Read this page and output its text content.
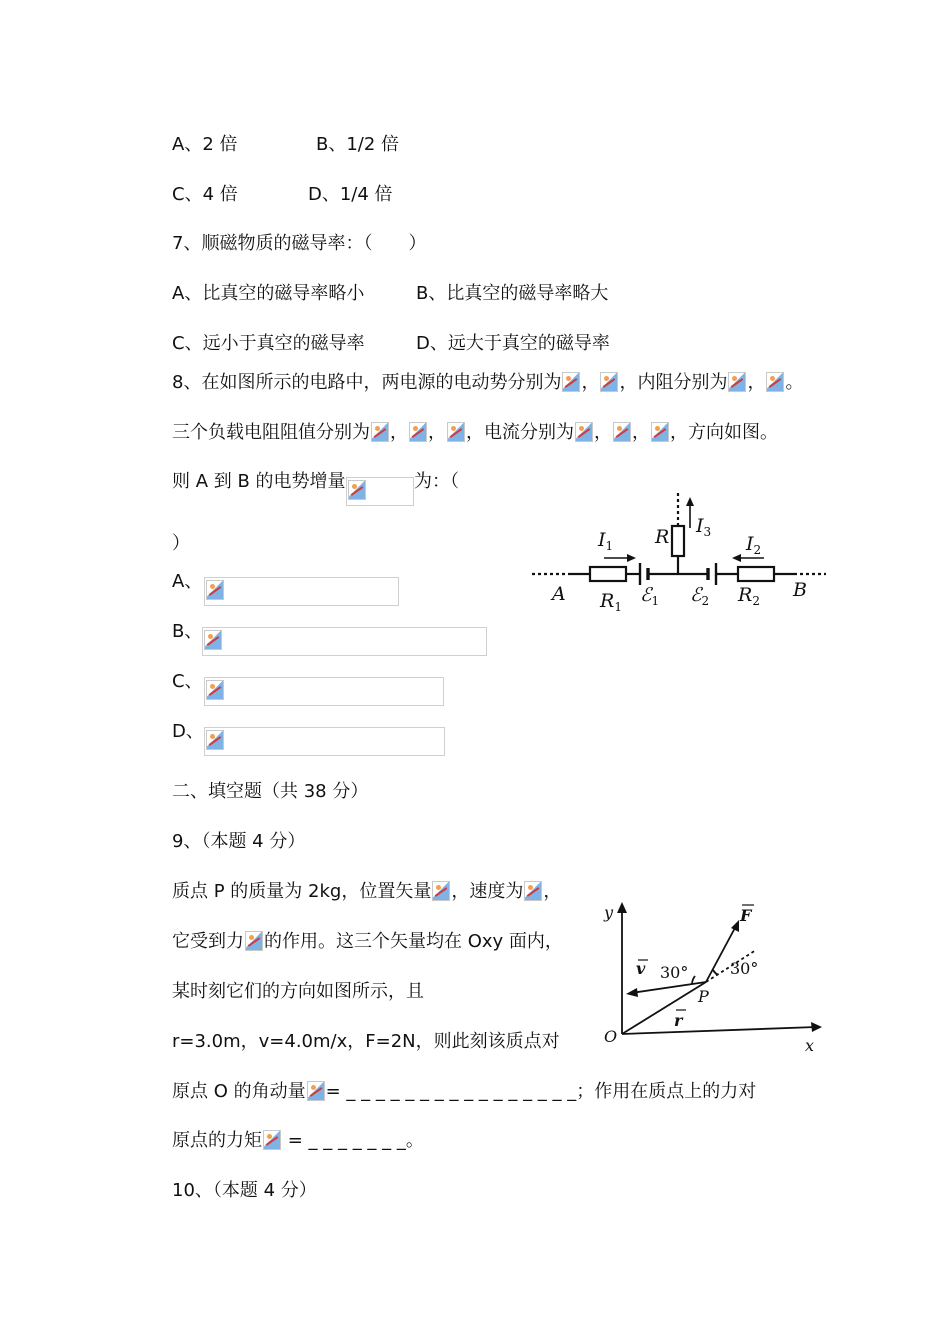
A、2 倍	B、1/2 倍
C、4 倍	D、1/4 倍
7、顺磁物质的磁导率：（　　）
A、比真空的磁导率略小	B、比真空的磁导率略大
C、远小于真空的磁导率	D、远大于真空的磁导率
8、在如图所示的电路中，两电源的电动势分别为 ， ，内阻分别为 ， 。
三个负载电阻阻值分别为 ， ， ，电流分别为 ， ， ，方向如图。
则 A 到 B 的电势增量	为：（
）
A、
B、
C、
D、
A	B
$R_1$
$R_2$
R
$I_1$	$I_2$
$I_3$
ℰ$_1$ ℰ$_2$
二、填空题（共 38 分）
9、（本题 4 分）
质点 P 的质量为 2kg，位置矢量 ，速度为 ，
它受到力 的作用。这三个矢量均在 Oxy 面内，
某时刻它们的方向如图所示，且
r=3.0m，v=4.0m/x，F=2N，则此刻该质点对
原点 O 的角动量 = _ _ _ _ _ _ _ _ _ _ _ _ _ _ _ _；作用在质点上的力对
原点的力矩 = _ _ _ _ _ _ _。
y
x
O
P
v
r
F
30°	30°
10、（本题 4 分）
